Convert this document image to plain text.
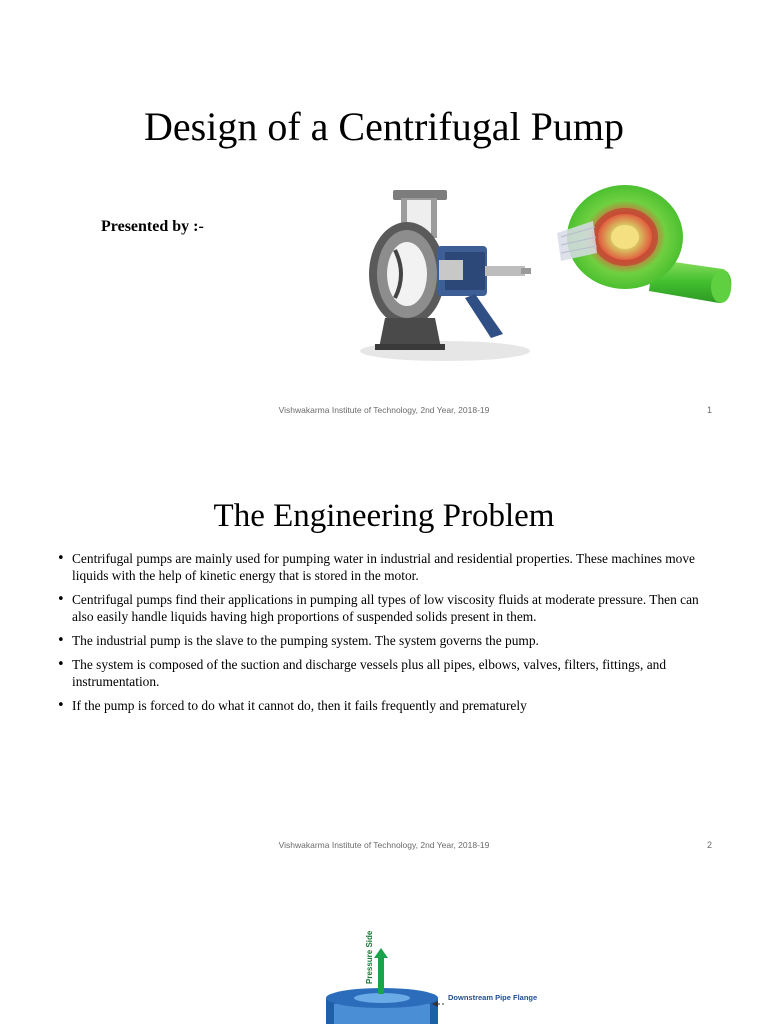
Design of a Centrifugal Pump
Presented by :-
Vishwakarma Institute of Technology, 2nd Year, 2018-19	1
The Engineering Problem
• Centrifugal pumps are mainly used for pumping water in industrial and residential properties. These machines move liquids with the help of kinetic energy that is stored in the motor.
• Centrifugal pumps find their applications in pumping all types of low viscosity fluids at moderate pressure. Then can also easily handle liquids having high proportions of suspended solids present in them.
• The industrial pump is the slave to the pumping system. The system governs the pump.
• The system is composed of the suction and discharge vessels plus all pipes, elbows, valves, filters, fittings, and instrumentation.
• If the pump is forced to do what it cannot do, then it fails frequently and prematurely
Vishwakarma Institute of Technology, 2nd Year, 2018-19	2
Pressure Side
Downstream Pipe Flange
